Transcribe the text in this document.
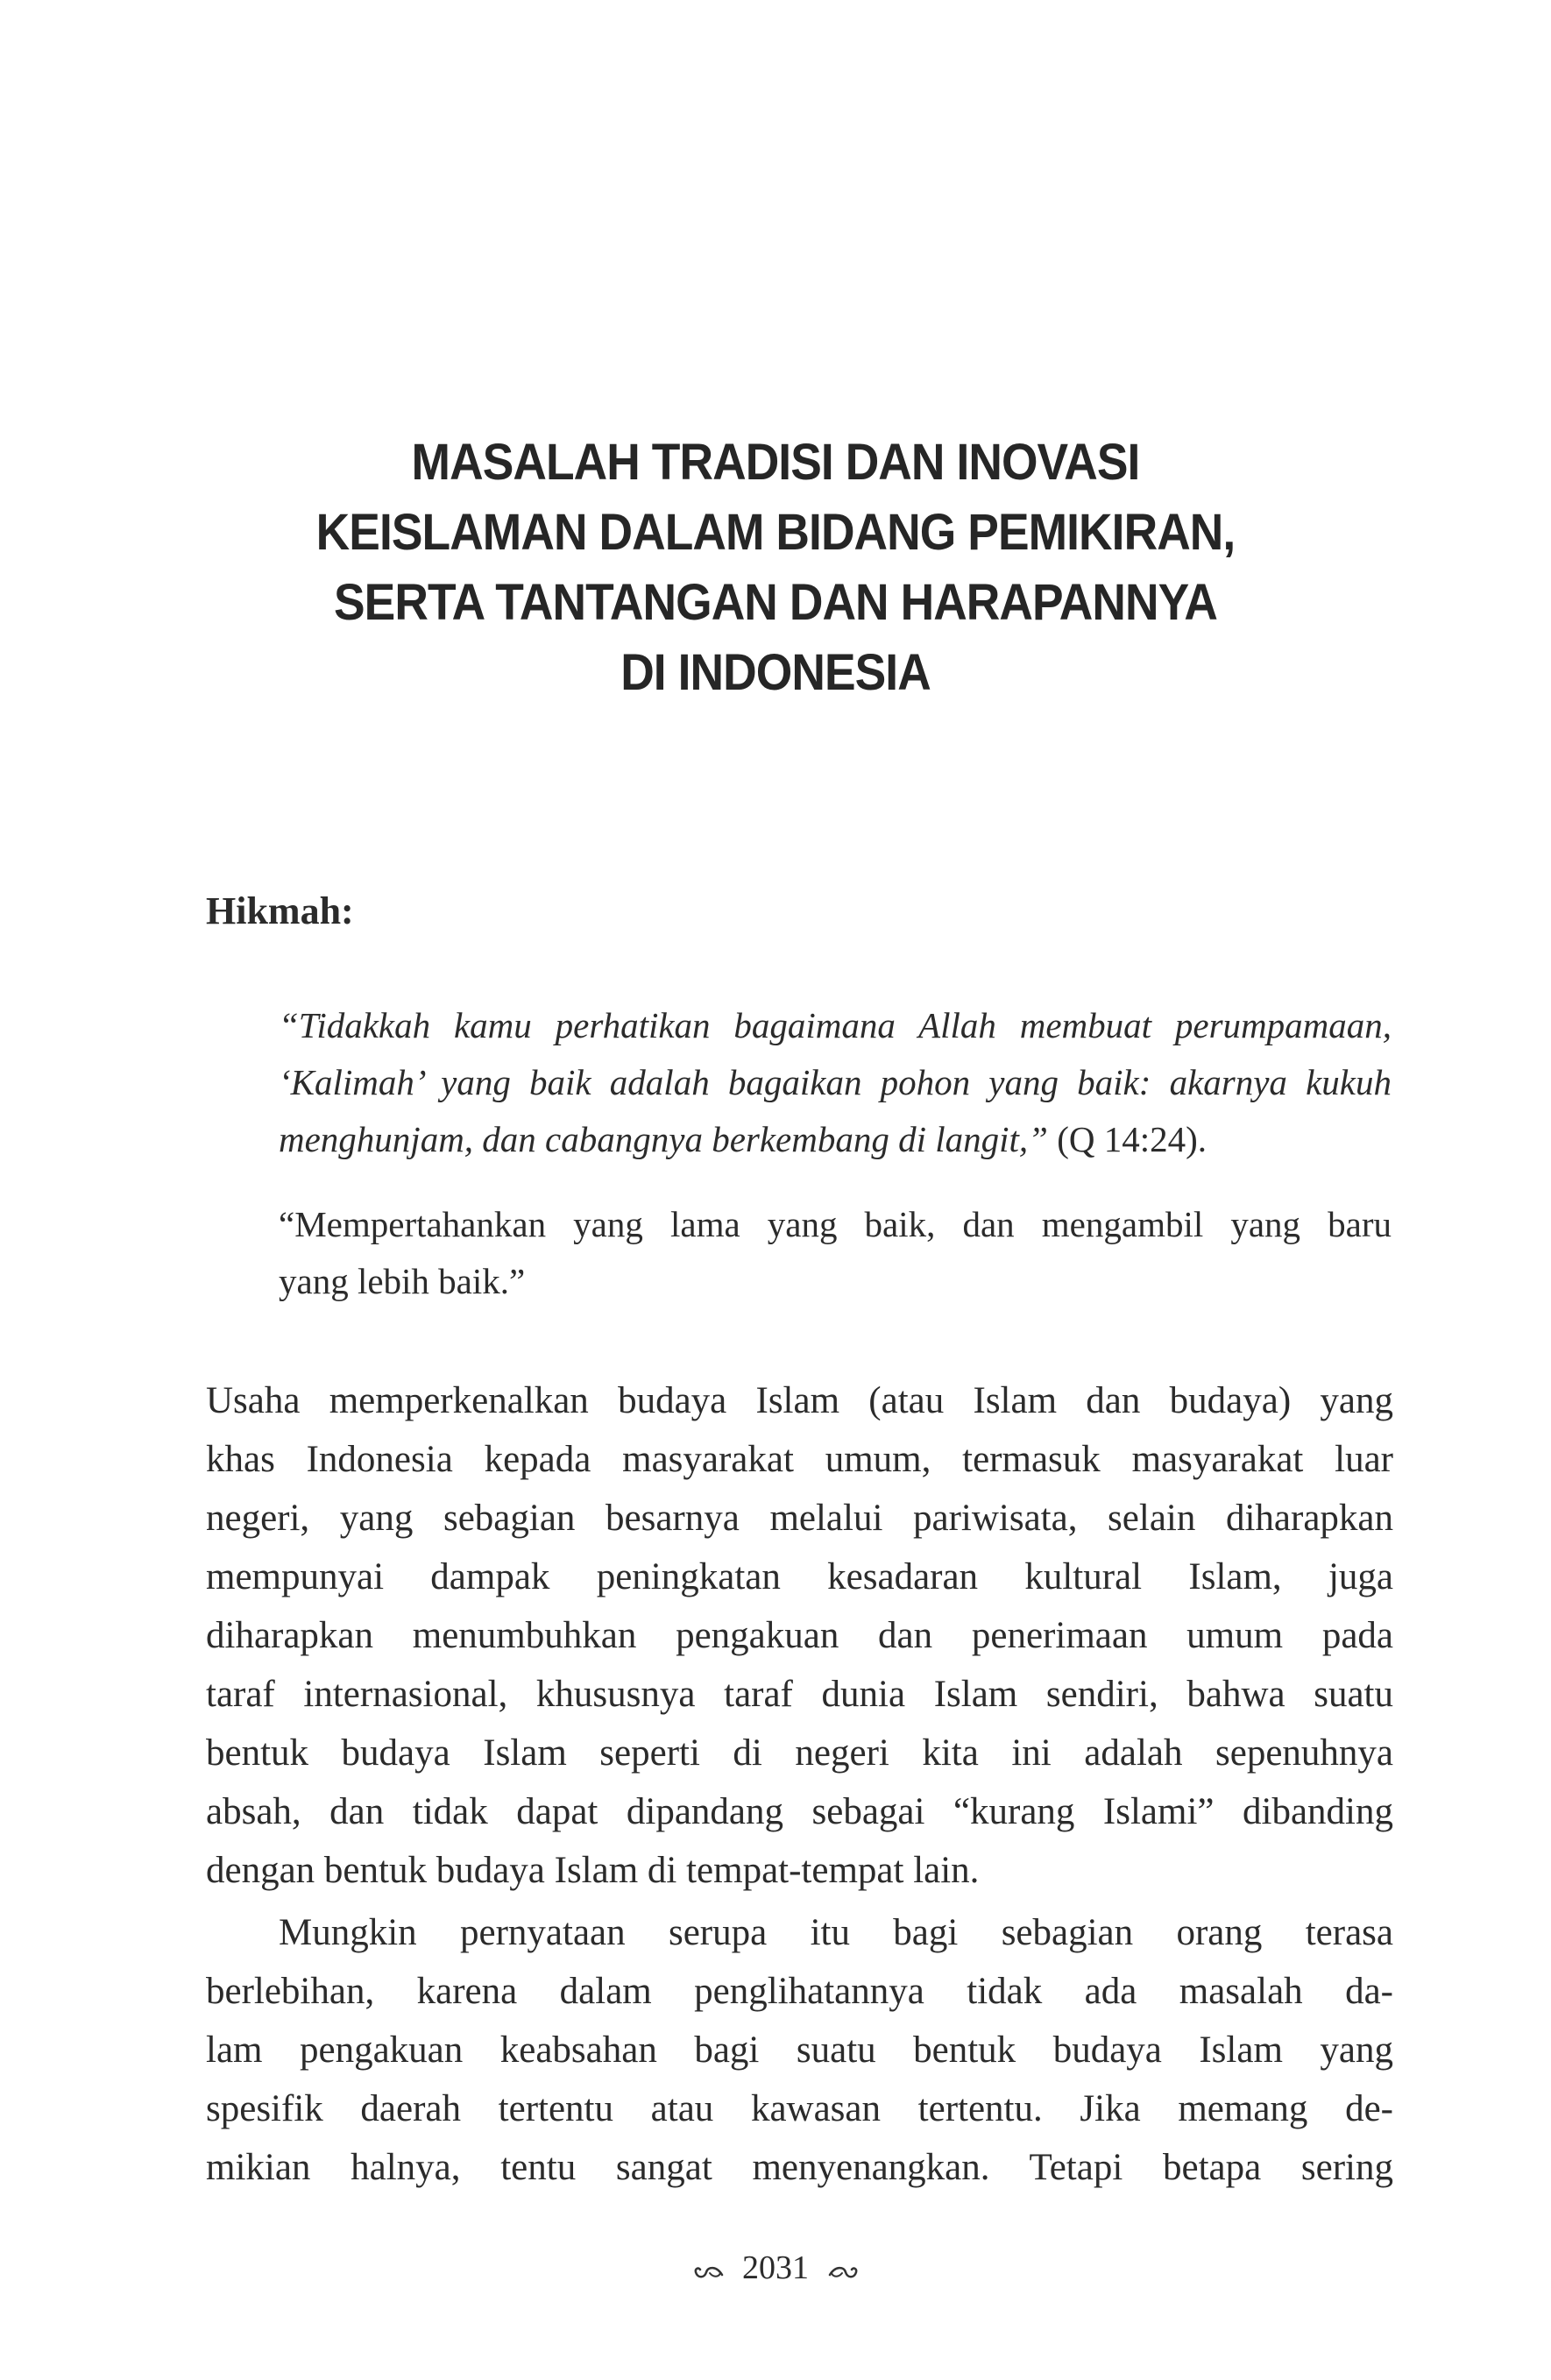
MASALAH TRADISI DAN INOVASI
KEISLAMAN DALAM BIDANG PEMIKIRAN,
SERTA TANTANGAN DAN HARAPANNYA
DI INDONESIA
Hikmah:
“Tidakkah kamu perhatikan bagaimana Allah membuat perumpamaan,
‘Kalimah’ yang baik adalah bagaikan pohon yang baik: akarnya kukuh
menghunjam, dan cabangnya berkembang di langit,” (Q 14:24).
“Mempertahankan yang lama yang baik, dan mengambil yang baru
yang lebih baik.”
Usaha memperkenalkan budaya Islam (atau Islam dan budaya) yang
khas Indonesia kepada masyarakat umum, termasuk masyarakat luar
negeri, yang sebagian besarnya melalui pariwisata, selain diharapkan
mempunyai dampak peningkatan kesadaran kultural Islam, juga
diharapkan menumbuhkan pengakuan dan penerimaan umum pada
taraf internasional, khususnya taraf dunia Islam sendiri, bahwa suatu
bentuk budaya Islam seperti di negeri kita ini adalah sepenuhnya
absah, dan tidak dapat dipandang sebagai “kurang Islami” dibanding
dengan bentuk budaya Islam di tempat-tempat lain.
Mungkin pernyataan serupa itu bagi sebagian orang terasa
berlebihan, karena dalam penglihatannya tidak ada masalah da-
lam pengakuan keabsahan bagi suatu bentuk budaya Islam yang
spesifik daerah tertentu atau kawasan tertentu. Jika memang de-
mikian halnya, tentu sangat menyenangkan. Tetapi betapa sering
2031
